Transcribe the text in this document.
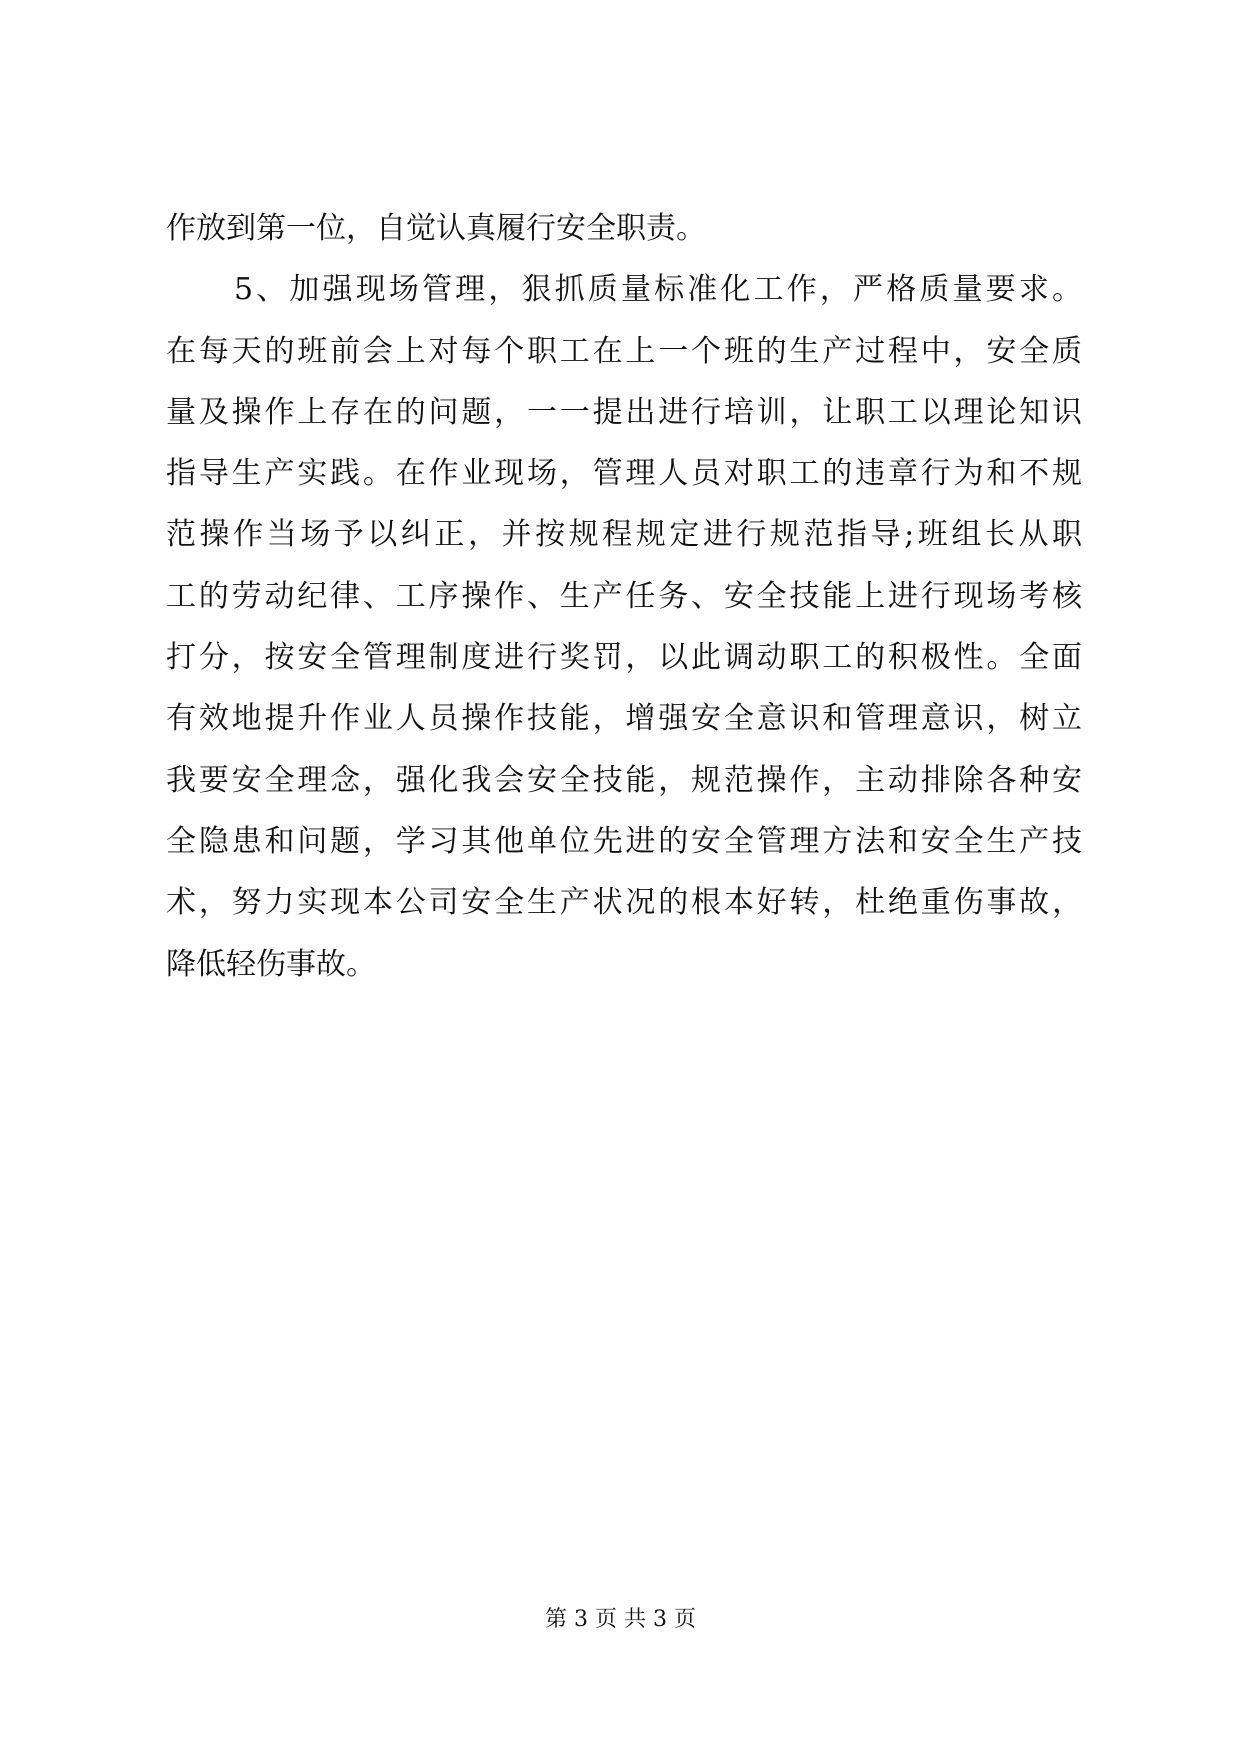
作放到第一位，自觉认真履行安全职责。
5、加强现场管理，狠抓质量标准化工作，严格质量要求。
在每天的班前会上对每个职工在上一个班的生产过程中，安全质
量及操作上存在的问题，一一提出进行培训，让职工以理论知识
指导生产实践。在作业现场，管理人员对职工的违章行为和不规
范操作当场予以纠正，并按规程规定进行规范指导;班组长从职
工的劳动纪律、工序操作、生产任务、安全技能上进行现场考核
打分，按安全管理制度进行奖罚，以此调动职工的积极性。全面
有效地提升作业人员操作技能，增强安全意识和管理意识，树立
我要安全理念，强化我会安全技能，规范操作，主动排除各种安
全隐患和问题，学习其他单位先进的安全管理方法和安全生产技
术，努力实现本公司安全生产状况的根本好转，杜绝重伤事故，
降低轻伤事故。
第 3 页 共 3 页
